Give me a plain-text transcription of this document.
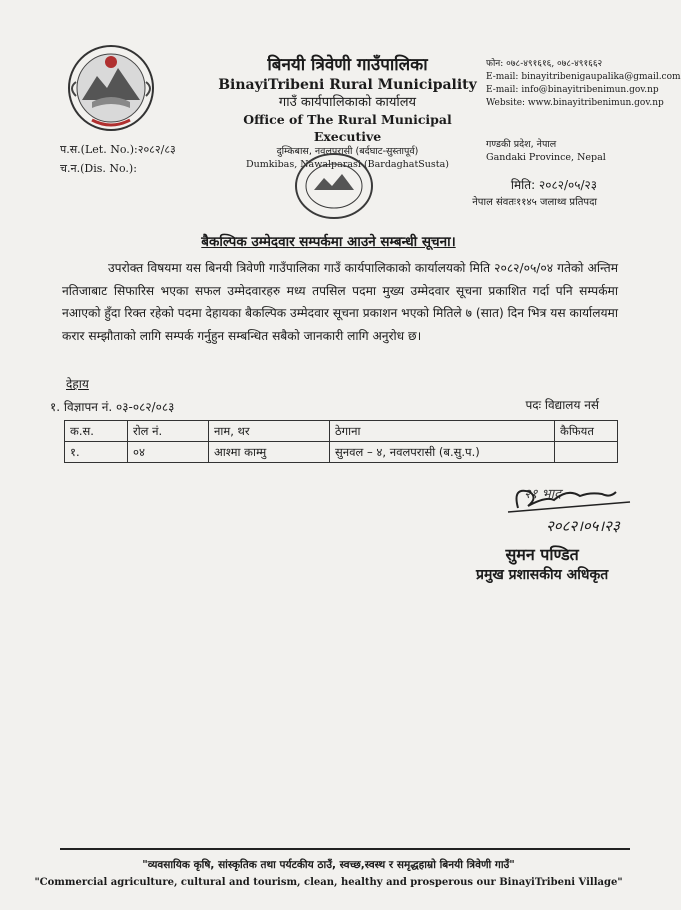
बिनयी त्रिवेणी गाउँपालिका
BinayiTribeni Rural Municipality
गाउँ कार्यपालिकाको कार्यालय
Office of The Rural Municipal Executive
दुम्किबास, नवलपरासी (बर्दघाट-सुस्तापूर्व)
Dumkibas, Nawalparasi (BardaghatSusta)
फोन: ०७८-४९१६१६, ०७८-४९१६६२
E-mail: binayitribenigaupalika@gmail.com
E-mail: info@binayitribenimun.gov.np
Website: www.binayitribenimun.gov.np
गण्डकी प्रदेश, नेपाल
Gandaki Province, Nepal
प.स.(Let. No.):२०८२/८३
च.न.(Dis. No.):
मिति: २०८२/०५/२३
नेपाल संवतः११४५ जलाथ्व प्रतिपदा
बैकल्पिक उम्मेदवार सम्पर्कमा आउने सम्बन्धी सूचना।
उपरोक्त विषयमा यस बिनयी त्रिवेणी गाउँपालिका गाउँ कार्यपालिकाको कार्यालयको मिति २०८२/०५/०४ गतेको अन्तिम नतिजाबाट सिफारिस भएका सफल उम्मेदवारहरु मध्य तपसिल पदमा मुख्य उम्मेदवार सूचना प्रकाशित गर्दा पनि सम्पर्कमा नआएको हुँदा रिक्त रहेको पदमा देहायका बैकल्पिक उम्मेदवार सूचना प्रकाशन भएको मितिले ७ (सात) दिन भित्र यस कार्यालयमा करार सम्झौताको लागि सम्पर्क गर्नुहुन सम्बन्धित सबैको जानकारी लागि अनुरोध छ।
देहाय
१. विज्ञापन नं. ०३-०८२/०८३	पदः विद्यालय नर्स
क.स.	रोल नं.	नाम, थर	ठेगाना	कैफियत
१.	०४	आश्मा काम्मु	सुनवल – ४, नवलपरासी (ब.सु.प.)	
२१ भाद्र
२०८२।०५।२३
सुमन पण्डित
प्रमुख प्रशासकीय अधिकृत
"व्यवसायिक कृषि, सांस्कृतिक तथा पर्यटकीय ठाउँ, स्वच्छ,स्वस्थ र समृद्धहाम्रो बिनयी त्रिवेणी गाउँ"
"Commercial agriculture, cultural and tourism, clean, healthy and prosperous our BinayiTribeni Village"
